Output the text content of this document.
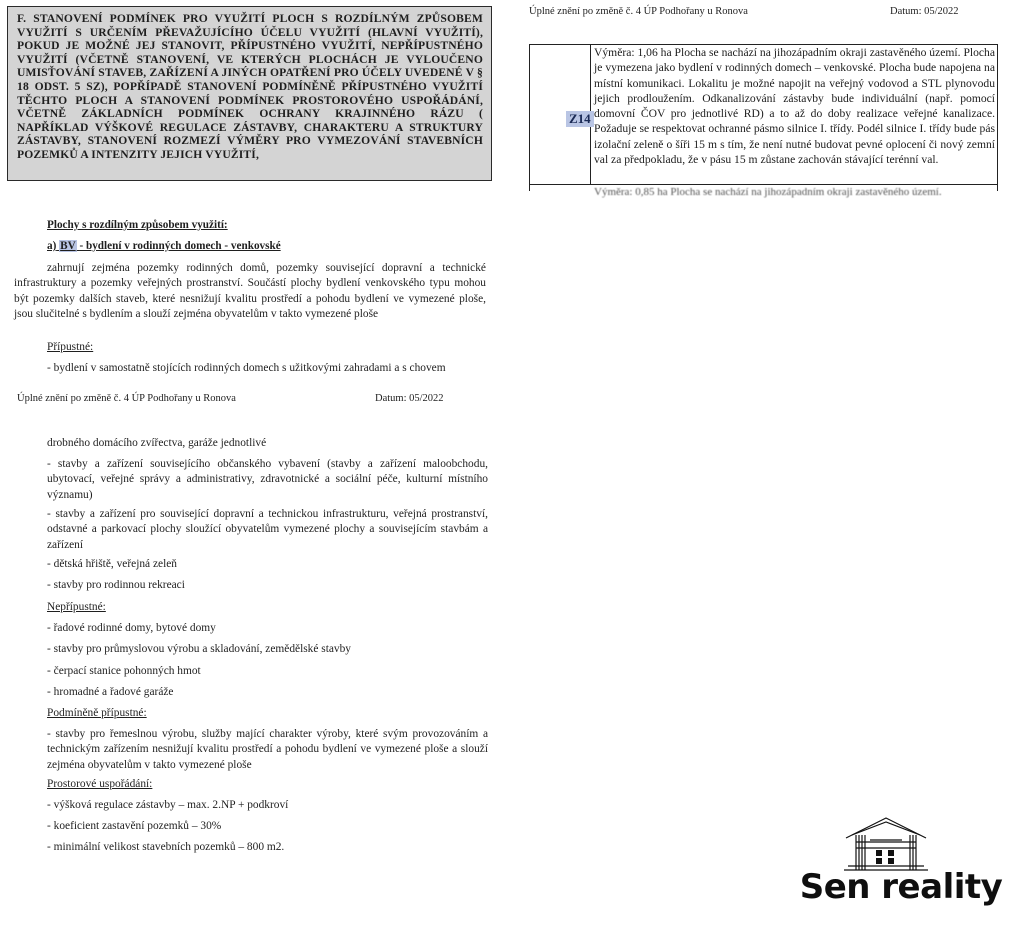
F. STANOVENÍ PODMÍNEK PRO VYUŽITÍ PLOCH S ROZDÍLNÝM ZPŮSOBEM VYUŽITÍ S URČENÍM PŘEVAŽUJÍCÍHO ÚČELU VYUŽITÍ (HLAVNÍ VYUŽITÍ), POKUD JE MOŽNÉ JEJ STANOVIT, PŘÍPUSTNÉHO VYUŽITÍ, NEPŘÍPUSTNÉHO VYUŽITÍ (VČETNĚ STANOVENÍ, VE KTERÝCH PLOCHÁCH JE VYLOUČENO UMISŤOVÁNÍ STAVEB, ZAŘÍZENÍ A JINÝCH OPATŘENÍ PRO ÚČELY UVEDENÉ V § 18 ODST. 5 SZ), POPŘÍPADĚ STANOVENÍ PODMÍNĚNĚ PŘÍPUSTNÉHO VYUŽITÍ TĚCHTO PLOCH A STANOVENÍ PODMÍNEK PROSTOROVÉHO USPOŘÁDÁNÍ, VČETNĚ ZÁKLADNÍCH PODMÍNEK OCHRANY KRAJINNÉHO RÁZU ( NAPŘÍKLAD VÝŠKOVÉ REGULACE ZÁSTAVBY, CHARAKTERU A STRUKTURY ZÁSTAVBY, STANOVENÍ ROZMEZÍ VÝMĚRY PRO VYMEZOVÁNÍ STAVEBNÍCH POZEMKŮ A INTENZITY JEJICH VYUŽITÍ,
Úplné znění po změně č. 4 ÚP Podhořany u Ronova	Datum: 05/2022
Z14
Výměra: 1,06 ha Plocha se nachází na jihozápadním okraji zastavěného území. Plocha je vymezena jako bydlení v rodinných domech – venkovské. Plocha bude napojena na místní komunikaci. Lokalitu je možné napojit na veřejný vodovod a STL plynovodu jejich prodloužením. Odkanalizování zástavby bude individuální (např. pomocí domovní ČOV pro jednotlivé RD) a to až do doby realizace veřejné kanalizace. Požaduje se respektovat ochranné pásmo silnice I. třídy. Podél silnice I. třídy bude pás izolační zeleně o šíři 15 m s tím, že není nutné budovat pevné oplocení či nový zemní val za předpokladu, že v pásu 15 m zůstane zachován stávající terénní val.
Výměra: 0,85 ha Plocha se nachází na jihozápadním okraji zastavěného území.
Plochy s rozdílným způsobem využití:
a) BV - bydlení v rodinných domech - venkovské
zahrnují zejména pozemky rodinných domů, pozemky související dopravní a technické infrastruktury a pozemky veřejných prostranství. Součástí plochy bydlení venkovského typu mohou být pozemky dalších staveb, které nesnižují kvalitu prostředí a pohodu bydlení ve vymezené ploše, jsou slučitelné s bydlením a slouží zejména obyvatelům v takto vymezené ploše
Přípustné:
- bydlení v samostatně stojících rodinných domech s užitkovými zahradami a s chovem
Úplné znění po změně č. 4 ÚP Podhořany u Ronova	Datum: 05/2022
drobného domácího zvířectva, garáže jednotlivé
- stavby a zařízení souvisejícího občanského vybavení (stavby a zařízení maloobchodu, ubytovací, veřejné správy a administrativy, zdravotnické a sociální péče, kulturní místního významu)
- stavby a zařízení pro související dopravní a technickou infrastrukturu, veřejná prostranství, odstavné a parkovací plochy sloužící obyvatelům vymezené plochy a souvisejícím stavbám a zařízení
- dětská hřiště, veřejná zeleň
- stavby pro rodinnou rekreaci
Nepřípustné:
- řadové rodinné domy, bytové domy
- stavby pro průmyslovou výrobu a skladování, zemědělské stavby
- čerpací stanice pohonných hmot
- hromadné a řadové garáže
Podmíněně přípustné:
- stavby pro řemeslnou výrobu, služby mající charakter výroby, které svým provozováním a technickým zařízením nesnižují kvalitu prostředí a pohodu bydlení ve vymezené ploše a slouží zejména obyvatelům v takto vymezené ploše
Prostorové uspořádání:
- výšková regulace zástavby – max. 2.NP + podkroví
- koeficient zastavění pozemků – 30%
- minimální velikost stavebních pozemků – 800 m2.
Sen reality
